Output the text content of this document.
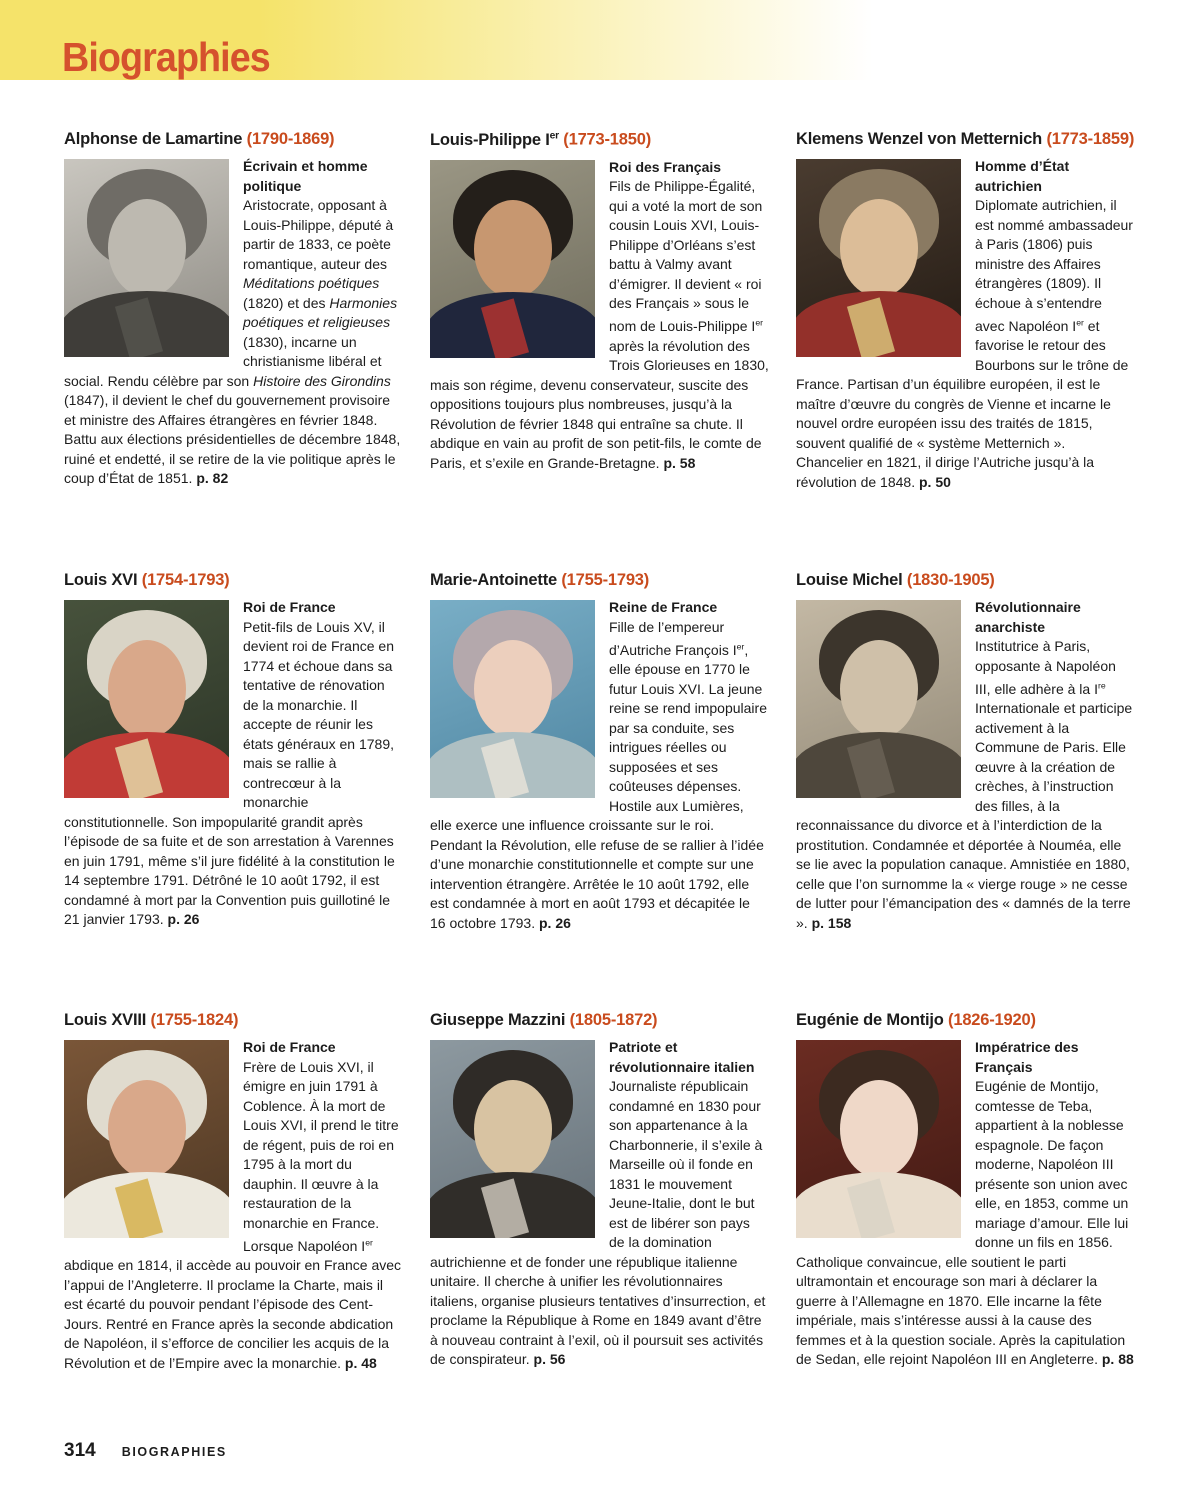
Biographies
Alphonse de Lamartine (1790-1869)

Écrivain et homme politique

Aristocrate, opposant à Louis-Philippe, député à partir de 1833, ce poète romantique, auteur des Méditations poétiques (1820) et des Harmonies poétiques et religieuses (1830), incarne un christianisme libéral et social. Rendu célèbre par son Histoire des Girondins (1847), il devient le chef du gouvernement provisoire et ministre des Affaires étrangères en février 1848. Battu aux élections présidentielles de décembre 1848, ruiné et endetté, il se retire de la vie politique après le coup d’État de 1851. p. 82

Louis-Philippe Ier (1773-1850)

Roi des Français

Fils de Philippe-Égalité, qui a voté la mort de son cousin Louis XVI, Louis-Philippe d’Orléans s’est battu à Valmy avant d’émigrer. Il devient « roi des Français » sous le nom de Louis-Philippe Ier après la révolution des Trois Glorieuses en 1830, mais son régime, devenu conservateur, suscite des oppositions toujours plus nombreuses, jusqu’à la Révolution de février 1848 qui entraîne sa chute. Il abdique en vain au profit de son petit-fils, le comte de Paris, et s’exile en Grande-Bretagne. p. 58

Klemens Wenzel von Metternich (1773-1859)

Homme d’État autrichien

Diplomate autrichien, il est nommé ambassadeur à Paris (1806) puis ministre des Affaires étrangères (1809). Il échoue à s’entendre avec Napoléon Ier et favorise le retour des Bourbons sur le trône de France. Partisan d’un équilibre européen, il est le maître d’œuvre du congrès de Vienne et incarne le nouvel ordre européen issu des traités de 1815, souvent qualifié de « système Metternich ». Chancelier en 1821, il dirige l’Autriche jusqu’à la révolution de 1848. p. 50

Louis XVI (1754-1793)

Roi de France

Petit-fils de Louis XV, il devient roi de France en 1774 et échoue dans sa tentative de rénovation de la monarchie. Il accepte de réunir les états généraux en 1789, mais se rallie à contrecœur à la monarchie constitutionnelle. Son impopularité grandit après l’épisode de sa fuite et de son arrestation à Varennes en juin 1791, même s’il jure fidélité à la constitution le 14 septembre 1791. Détrôné le 10 août 1792, il est condamné à mort par la Convention puis guillotiné le 21 janvier 1793. p. 26

Marie-Antoinette (1755-1793)

Reine de France

Fille de l’empereur d’Autriche François Ier, elle épouse en 1770 le futur Louis XVI. La jeune reine se rend impopulaire par sa conduite, ses intrigues réelles ou supposées et ses coûteuses dépenses. Hostile aux Lumières, elle exerce une influence croissante sur le roi. Pendant la Révolution, elle refuse de se rallier à l’idée d’une monarchie constitutionnelle et compte sur une intervention étrangère. Arrêtée le 10 août 1792, elle est condamnée à mort en août 1793 et décapitée le 16 octobre 1793. p. 26

Louise Michel (1830-1905)

Révolutionnaire anarchiste

Institutrice à Paris, opposante à Napoléon III, elle adhère à la Ire Internationale et participe activement à la Commune de Paris. Elle œuvre à la création de crèches, à l’instruction des filles, à la reconnaissance du divorce et à l’interdiction de la prostitution. Condamnée et déportée à Nouméa, elle se lie avec la population canaque. Amnistiée en 1880, celle que l’on surnomme la « vierge rouge » ne cesse de lutter pour l’émancipation des « damnés de la terre ». p. 158

Louis XVIII (1755-1824)

Roi de France

Frère de Louis XVI, il émigre en juin 1791 à Coblence. À la mort de Louis XVI, il prend le titre de régent, puis de roi en 1795 à la mort du dauphin. Il œuvre à la restauration de la monarchie en France. Lorsque Napoléon Ier abdique en 1814, il accède au pouvoir en France avec l’appui de l’Angleterre. Il proclame la Charte, mais il est écarté du pouvoir pendant l’épisode des Cent-Jours. Rentré en France après la seconde abdication de Napoléon, il s’efforce de concilier les acquis de la Révolution et de l’Empire avec la monarchie. p. 48

Giuseppe Mazzini (1805-1872)

Patriote et révolutionnaire italien

Journaliste républicain condamné en 1830 pour son appartenance à la Charbonnerie, il s’exile à Marseille où il fonde en 1831 le mouvement Jeune-Italie, dont le but est de libérer son pays de la domination autrichienne et de fonder une république italienne unitaire. Il cherche à unifier les révolutionnaires italiens, organise plusieurs tentatives d’insurrection, et proclame la République à Rome en 1849 avant d’être à nouveau contraint à l’exil, où il poursuit ses activités de conspirateur. p. 56

Eugénie de Montijo (1826-1920)

Impératrice des Français

Eugénie de Montijo, comtesse de Teba, appartient à la noblesse espagnole. De façon moderne, Napoléon III présente son union avec elle, en 1853, comme un mariage d’amour. Elle lui donne un fils en 1856. Catholique convaincue, elle soutient le parti ultramontain et encourage son mari à déclarer la guerre à l’Allemagne en 1870. Elle incarne la fête impériale, mais s’intéresse aussi à la cause des femmes et à la question sociale. Après la capitulation de Sedan, elle rejoint Napoléon III en Angleterre. p. 88

314 BIOGRAPHIES
